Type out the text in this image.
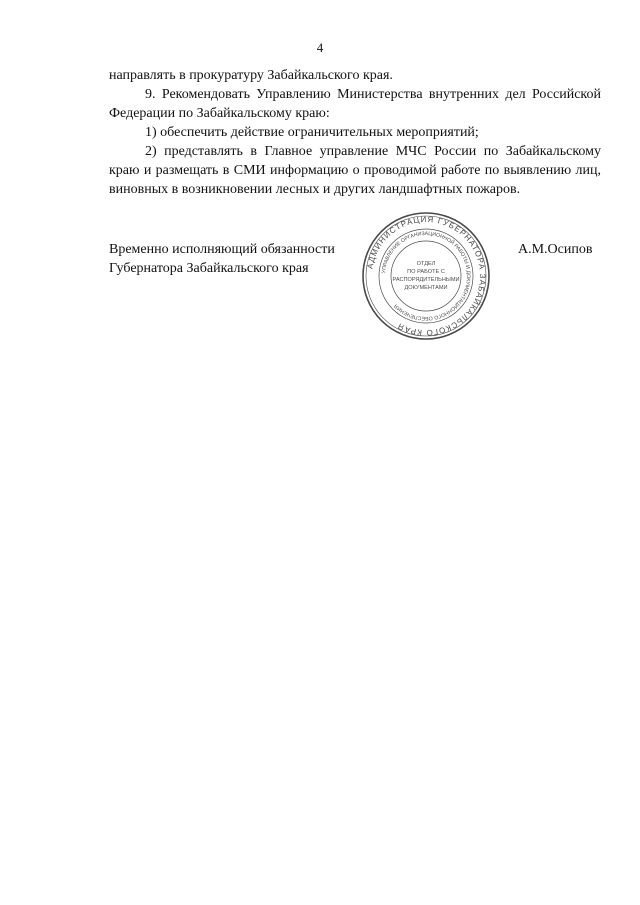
4

направлять в прокуратуру Забайкальского края.

9. Рекомендовать Управлению Министерства внутренних дел Российской Федерации по Забайкальскому краю:

1) обеспечить действие ограничительных мероприятий;

2) представлять в Главное управление МЧС России по Забайкальскому краю и размещать в СМИ информацию о проводимой работе по выявлению лиц, виновных в возникновении лесных и других ландшафтных пожаров.

Временно исполняющий обязанности
Губернатора Забайкальского края	АДМИНИСТРАЦИЯ ГУБЕРНАТОРА ЗАБАЙКАЛЬСКОГО КРАЯ
УПРАВЛЕНИЕ ОРГАНИЗАЦИОННОЙ РАБОТЫ И ДОКУМЕНТАЦИОННОГО ОБЕСПЕЧЕНИЯ
ОТДЕЛ
ПО РАБОТЕ С
РАСПОРЯДИТЕЛЬНЫМИ
ДОКУМЕНТАМИ
А.М.Осипов
